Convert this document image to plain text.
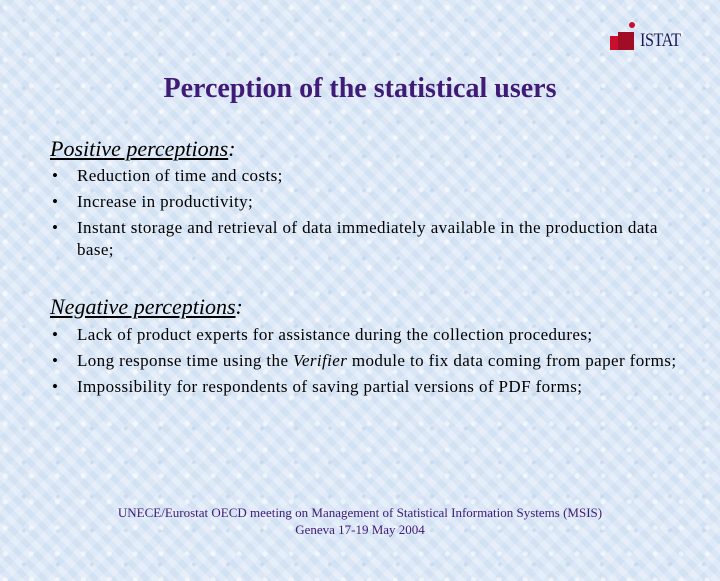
ISTAT
Perception of the statistical users
Positive perceptions:
• Reduction of time and costs;
• Increase in productivity;
• Instant storage and retrieval of data immediately available in the production data base;
Negative perceptions:
• Lack of product experts for assistance during the collection procedures;
• Long response time using the Verifier module to fix data coming from paper forms;
• Impossibility for respondents of saving partial versions of PDF forms;
UNECE/Eurostat OECD meeting on Management of Statistical Information Systems (MSIS)
Geneva 17-19 May 2004
